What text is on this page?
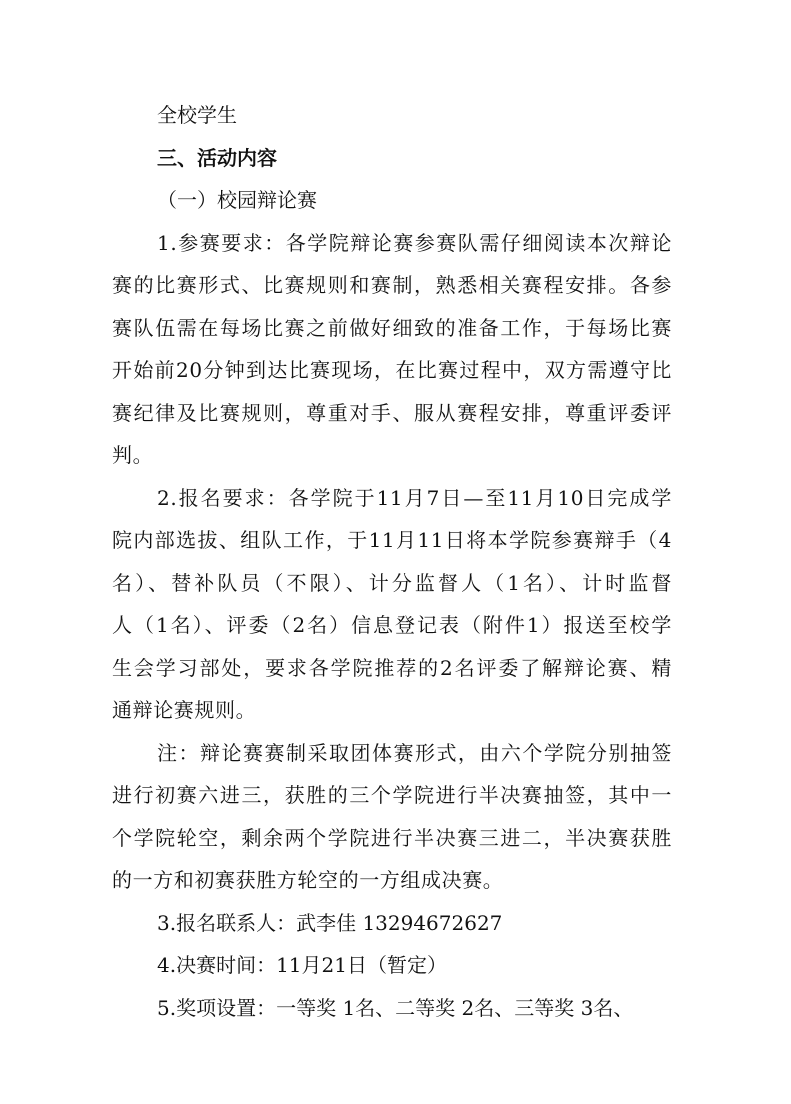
全校学生

三、活动内容

（一）校园辩论赛

1.参赛要求：各学院辩论赛参赛队需仔细阅读本次辩论
赛的比赛形式、比赛规则和赛制，熟悉相关赛程安排。各参
赛队伍需在每场比赛之前做好细致的准备工作，于每场比赛
开始前20分钟到达比赛现场，在比赛过程中，双方需遵守比
赛纪律及比赛规则，尊重对手、服从赛程安排，尊重评委评
判。
2.报名要求：各学院于11月7日—至11月10日完成学
院内部选拔、组队工作，于11月11日将本学院参赛辩手（4
名）、替补队员（不限）、计分监督人（1名）、计时监督
人（1名）、评委（2名）信息登记表（附件1）报送至校学
生会学习部处，要求各学院推荐的2名评委了解辩论赛、精
通辩论赛规则。
注：辩论赛赛制采取团体赛形式，由六个学院分别抽签
进行初赛六进三，获胜的三个学院进行半决赛抽签，其中一
个学院轮空，剩余两个学院进行半决赛三进二，半决赛获胜
的一方和初赛获胜方轮空的一方组成决赛。

3.报名联系人：武李佳 13294672627

4.决赛时间：11月21日（暂定）

5.奖项设置：一等奖 1名、二等奖 2名、三等奖 3名、
